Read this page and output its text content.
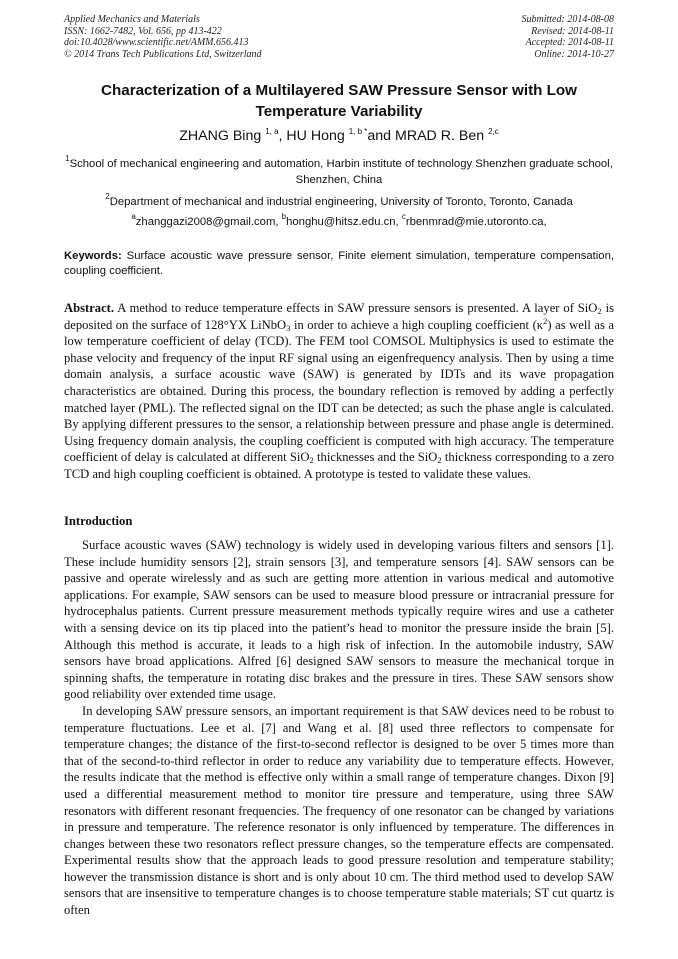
Applied Mechanics and Materials
ISSN: 1662-7482, Vol. 656, pp 413-422
doi:10.4028/www.scientific.net/AMM.656.413
© 2014 Trans Tech Publications Ltd, Switzerland
Submitted: 2014-08-08
Revised: 2014-08-11
Accepted: 2014-08-11
Online: 2014-10-27
Characterization of a Multilayered SAW Pressure Sensor with Low Temperature Variability
ZHANG Bing $^{1, a}$, HU Hong $^{1, b *}$and MRAD R. Ben $^{2,c}$
$^1$School of mechanical engineering and automation, Harbin institute of technology Shenzhen graduate school, Shenzhen, China
$^2$Department of mechanical and industrial engineering, University of Toronto, Toronto, Canada
$^a$zhanggazi2008@gmail.com, $^b$honghu@hitsz.edu.cn, $^c$rbenmrad@mie.utoronto.ca,
Keywords: Surface acoustic wave pressure sensor, Finite element simulation, temperature compensation, coupling coefficient.
Abstract. A method to reduce temperature effects in SAW pressure sensors is presented. A layer of SiO$_2$ is deposited on the surface of 128°YX LiNbO$_3$ in order to achieve a high coupling coefficient $(\kappa^2)$ as well as a low temperature coefficient of delay (TCD). The FEM tool COMSOL Multiphysics is used to estimate the phase velocity and frequency of the input RF signal using an eigenfrequency analysis. Then by using a time domain analysis, a surface acoustic wave (SAW) is generated by IDTs and its wave propagation characteristics are obtained. During this process, the boundary reflection is removed by adding a perfectly matched layer (PML). The reflected signal on the IDT can be detected; as such the phase angle is calculated. By applying different pressures to the sensor, a relationship between pressure and phase angle is determined. Using frequency domain analysis, the coupling coefficient is computed with high accuracy. The temperature coefficient of delay is calculated at different SiO$_2$ thicknesses and the SiO$_2$ thickness corresponding to a zero TCD and high coupling coefficient is obtained. A prototype is tested to validate these values.
Introduction

Surface acoustic waves (SAW) technology is widely used in developing various filters and sensors [1]. These include humidity sensors [2], strain sensors [3], and temperature sensors [4]. SAW sensors can be passive and operate wirelessly and as such are getting more attention in various medical and automotive applications. For example, SAW sensors can be used to measure blood pressure or intracranial pressure for hydrocephalus patients. Current pressure measurement methods typically require wires and use a catheter with a sensing device on its tip placed into the patient’s head to monitor the pressure inside the brain [5]. Although this method is accurate, it leads to a high risk of infection. In the automobile industry, SAW sensors have broad applications. Alfred [6] designed SAW sensors to measure the mechanical torque in spinning shafts, the temperature in rotating disc brakes and the pressure in tires. These SAW sensors show good reliability over extended time usage.

In developing SAW pressure sensors, an important requirement is that SAW devices need to be robust to temperature fluctuations. Lee et al. [7] and Wang et al. [8] used three reflectors to compensate for temperature changes; the distance of the first-to-second reflector is designed to be over 5 times more than that of the second-to-third reflector in order to reduce any variability due to temperature effects. However, the results indicate that the method is effective only within a small range of temperature changes. Dixon [9] used a differential measurement method to monitor tire pressure and temperature, using three SAW resonators with different resonant frequencies. The frequency of one resonator can be changed by variations in pressure and temperature. The reference resonator is only influenced by temperature. The differences in changes between these two resonators reflect pressure changes, so the temperature effects are compensated. Experimental results show that the approach leads to good pressure resolution and temperature stability; however the transmission distance is short and is only about 10 cm. The third method used to develop SAW sensors that are insensitive to temperature changes is to choose temperature stable materials; ST cut quartz is often
